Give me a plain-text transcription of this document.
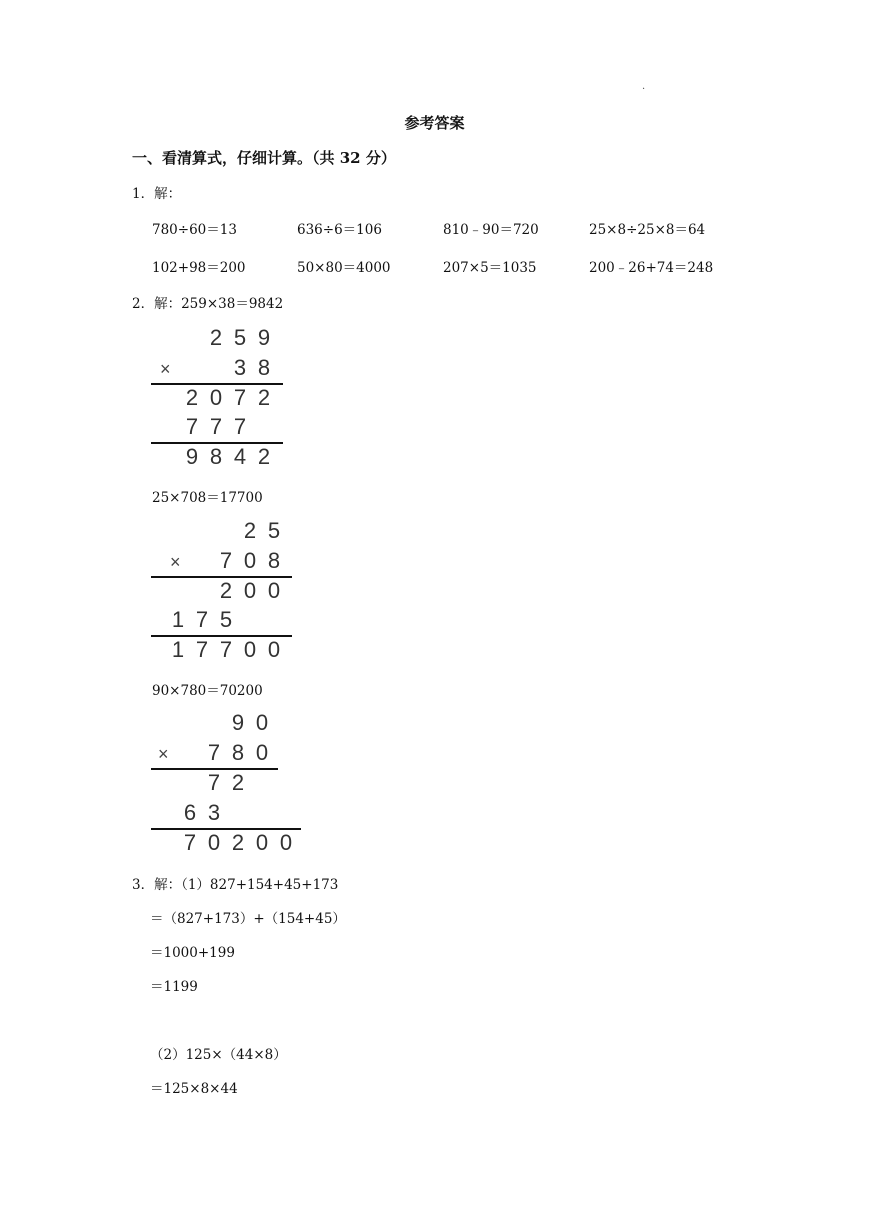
·
参考答案
一、看清算式，仔细计算。（共 32 分）
1．解：
780÷60＝13	636÷6＝106	810﹣90＝720	25×8÷25×8＝64
102+98＝200	50×80＝4000	207×5＝1035	200﹣26+74＝248
2．解：259×38＝9842
2 5 9
×	3 8
2 0 7 2
7 7 7
9 8 4 2
25×708＝17700
2 5
× 7 0 8
2 0 0
1 7 5
1 7 7 0 0
90×780＝70200
9 0
× 7 8 0
7 2
6 3
7 0 2 0 0
3．解：（1）827+154+45+173
＝（827+173）+（154+45）
＝1000+199
＝1199
（2）125×（44×8）
＝125×8×44
